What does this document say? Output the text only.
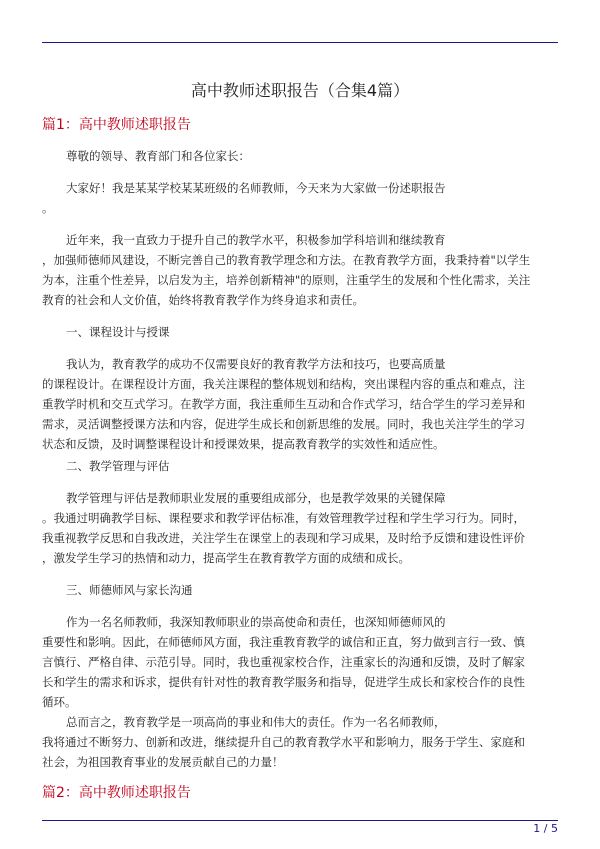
高中教师述职报告（合集4篇）
篇1：高中教师述职报告
尊敬的领导、教育部门和各位家长：
大家好！我是某某学校某某班级的名师教师，今天来为大家做一份述职报告
。
近年来，我一直致力于提升自己的教学水平，积极参加学科培训和继续教育
，加强师德师风建设，不断完善自己的教育教学理念和方法。在教育教学方面，我秉持着"以学生
为本，注重个性差异，以启发为主，培养创新精神"的原则，注重学生的发展和个性化需求，关注
教育的社会和人文价值，始终将教育教学作为终身追求和责任。
一、课程设计与授课
我认为，教育教学的成功不仅需要良好的教育教学方法和技巧，也要高质量
的课程设计。在课程设计方面，我关注课程的整体规划和结构，突出课程内容的重点和难点，注
重教学时机和交互式学习。在教学方面，我注重师生互动和合作式学习，结合学生的学习差异和
需求，灵活调整授课方法和内容，促进学生成长和创新思维的发展。同时，我也关注学生的学习
状态和反馈，及时调整课程设计和授课效果，提高教育教学的实效性和适应性。
二、教学管理与评估
教学管理与评估是教师职业发展的重要组成部分，也是教学效果的关键保障
。我通过明确教学目标、课程要求和教学评估标准，有效管理教学过程和学生学习行为。同时，
我重视教学反思和自我改进，关注学生在课堂上的表现和学习成果，及时给予反馈和建设性评价
，激发学生学习的热情和动力，提高学生在教育教学方面的成绩和成长。
三、师德师风与家长沟通
作为一名名师教师，我深知教师职业的崇高使命和责任，也深知师德师风的
重要性和影响。因此，在师德师风方面，我注重教育教学的诚信和正直，努力做到言行一致、慎
言慎行、严格自律、示范引导。同时，我也重视家校合作，注重家长的沟通和反馈，及时了解家
长和学生的需求和诉求，提供有针对性的教育教学服务和指导，促进学生成长和家校合作的良性
循环。
总而言之，教育教学是一项高尚的事业和伟大的责任。作为一名名师教师，
我将通过不断努力、创新和改进，继续提升自己的教育教学水平和影响力，服务于学生、家庭和
社会，为祖国教育事业的发展贡献自己的力量！
篇2：高中教师述职报告
1 / 5
